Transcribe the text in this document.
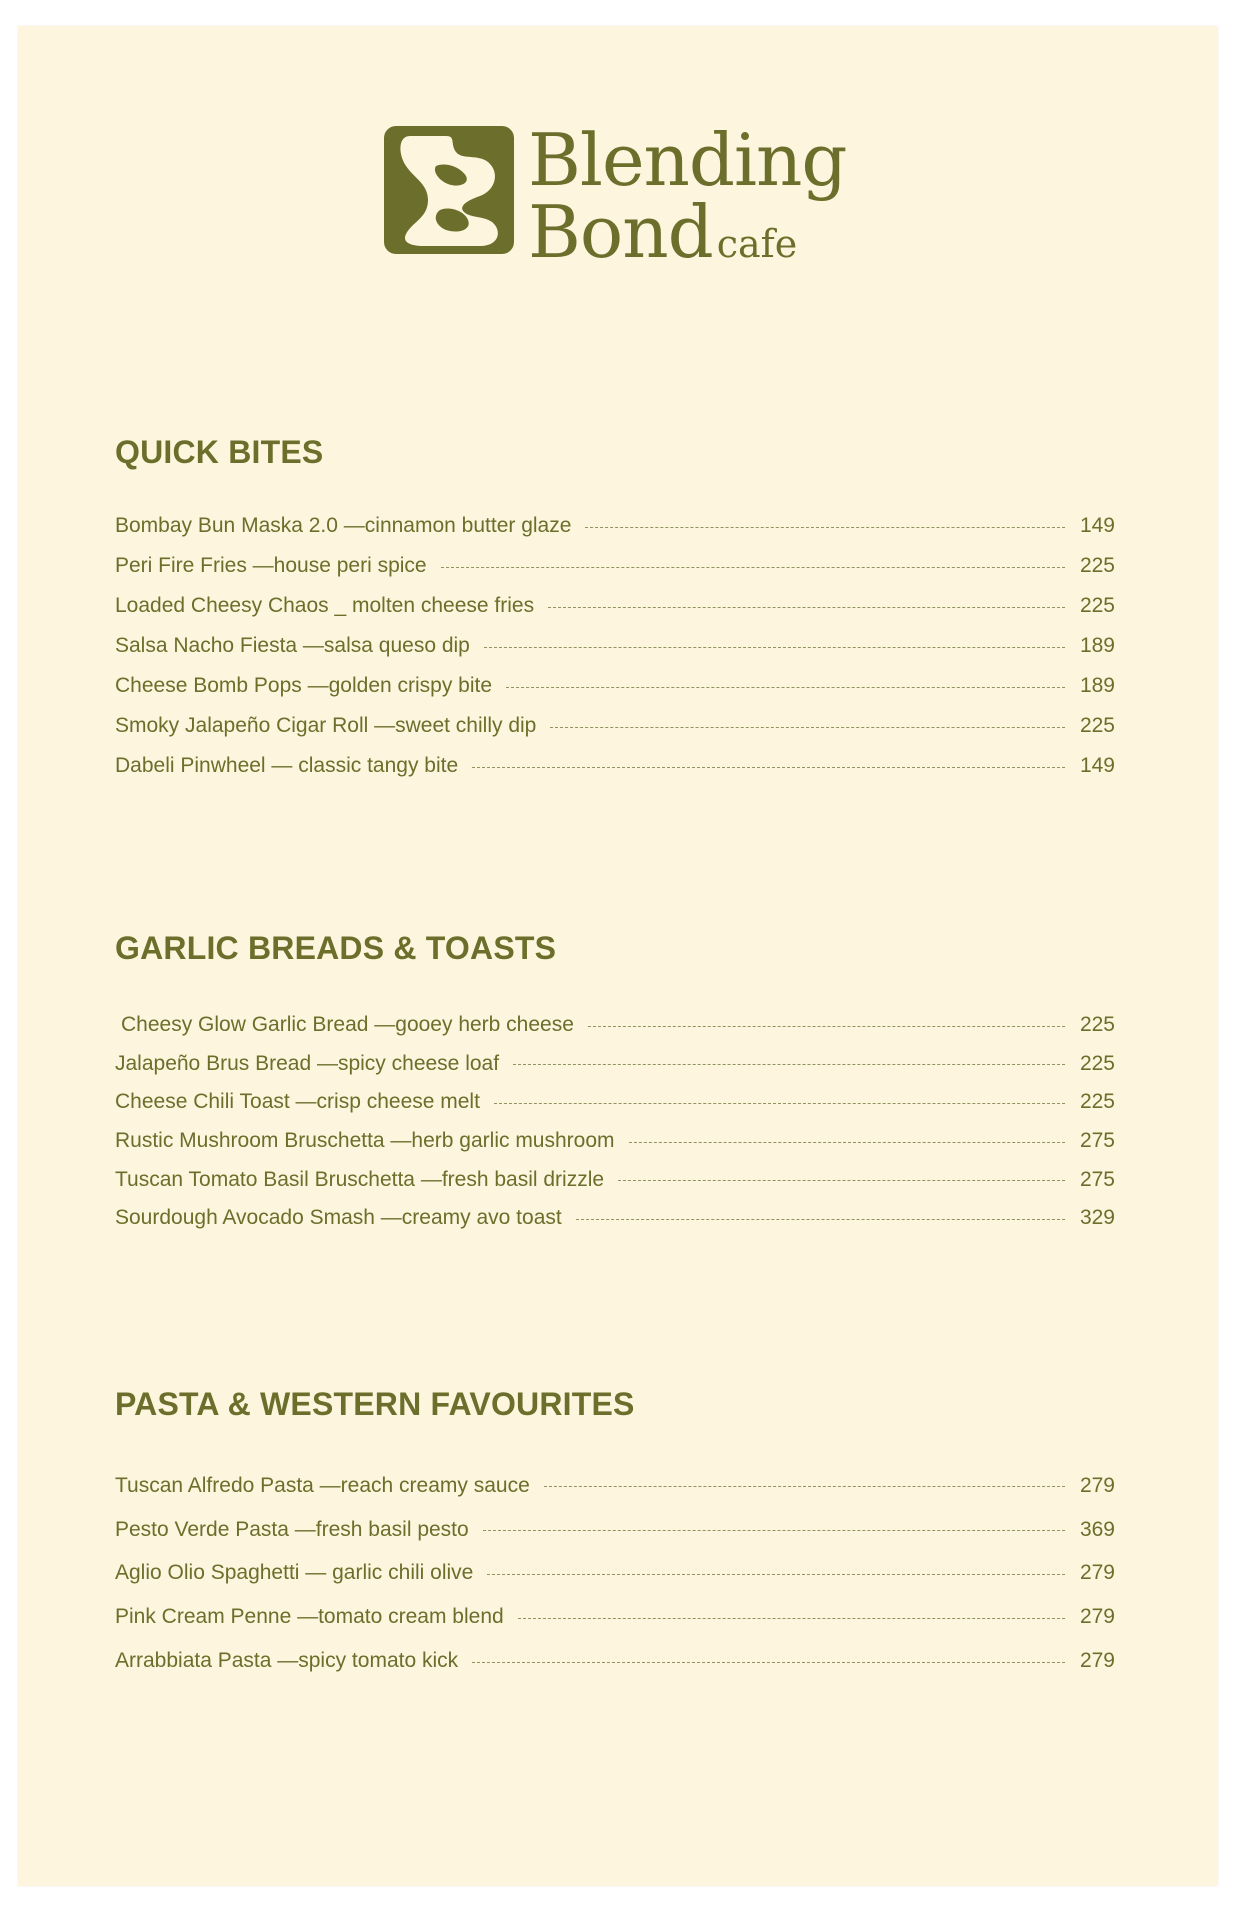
Blending
Bond cafe
QUICK BITES
Bombay Bun Maska 2.0 —cinnamon butter glaze	149
Peri Fire Fries —house peri spice	225
Loaded Cheesy Chaos _ molten cheese fries	225
Salsa Nacho Fiesta —salsa queso dip	189
Cheese Bomb Pops —golden crispy bite	189
Smoky Jalapeño Cigar Roll —sweet chilly dip	225
Dabeli Pinwheel — classic tangy bite	149
GARLIC BREADS & TOASTS
Cheesy Glow Garlic Bread —gooey herb cheese	225
Jalapeño Brus Bread —spicy cheese loaf	225
Cheese Chili Toast —crisp cheese melt	225
Rustic Mushroom Bruschetta —herb garlic mushroom	275
Tuscan Tomato Basil Bruschetta —fresh basil drizzle	275
Sourdough Avocado Smash —creamy avo toast	329
PASTA & WESTERN FAVOURITES
Tuscan Alfredo Pasta —reach creamy sauce	279
Pesto Verde Pasta —fresh basil pesto	369
Aglio Olio Spaghetti — garlic chili olive	279
Pink Cream Penne —tomato cream blend	279
Arrabbiata Pasta —spicy tomato kick	279
